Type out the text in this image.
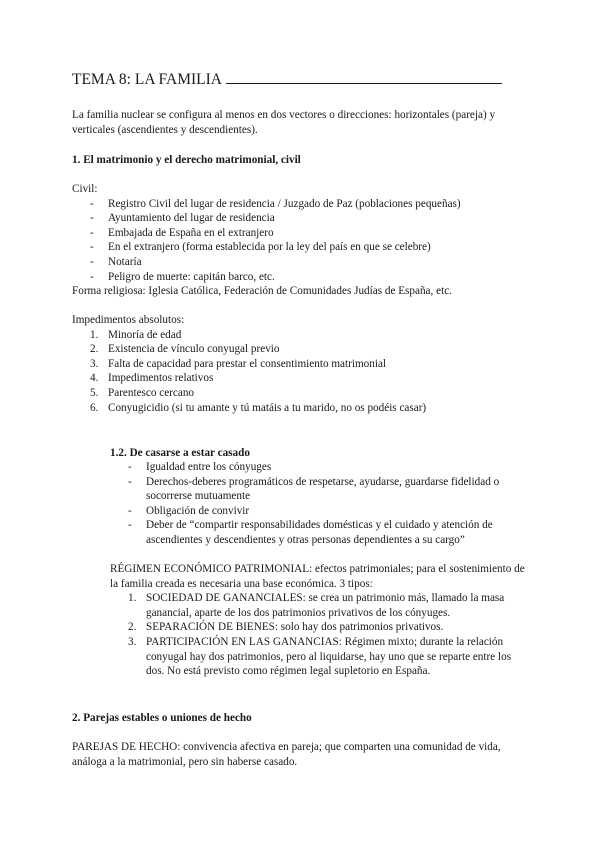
TEMA 8: LA FAMILIA

La familia nuclear se configura al menos en dos vectores o direcciones: horizontales (pareja) y verticales (ascendientes y descendientes).

1. El matrimonio y el derecho matrimonial, civil

Civil:

- Registro Civil del lugar de residencia / Juzgado de Paz (poblaciones pequeñas)
- Ayuntamiento del lugar de residencia
- Embajada de España en el extranjero
- En el extranjero (forma establecida por la ley del país en que se celebre)
- Notaría
- Peligro de muerte: capitán barco, etc.

Forma religiosa: Iglesia Católica, Federación de Comunidades Judías de España, etc.

Impedimentos absolutos:

1. Minoría de edad
2. Existencia de vínculo conyugal previo
3. Falta de capacidad para prestar el consentimiento matrimonial
4. Impedimentos relativos
5. Parentesco cercano
6. Conyugicidio (si tu amante y tú matáis a tu marido, no os podéis casar)

1.2. De casarse a estar casado

- Igualdad entre los cónyuges
- Derechos-deberes programáticos de respetarse, ayudarse, guardarse fidelidad o socorrerse mutuamente
- Obligación de convivir
- Deber de “compartir responsabilidades domésticas y el cuidado y atención de ascendientes y descendientes y otras personas dependientes a su cargo”

RÉGIMEN ECONÓMICO PATRIMONIAL: efectos patrimoniales; para el sostenimiento de la familia creada es necesaria una base económica. 3 tipos:

1. SOCIEDAD DE GANANCIALES: se crea un patrimonio más, llamado la masa ganancial, aparte de los dos patrimonios privativos de los cónyuges.
2. SEPARACIÓN DE BIENES: solo hay dos patrimonios privativos.
3. PARTICIPACIÓN EN LAS GANANCIAS: Régimen mixto; durante la relación conyugal hay dos patrimonios, pero al liquidarse, hay uno que se reparte entre los dos. No está previsto como régimen legal supletorio en España.

2. Parejas estables o uniones de hecho

PAREJAS DE HECHO: convivencia afectiva en pareja; que comparten una comunidad de vida, análoga a la matrimonial, pero sin haberse casado.
